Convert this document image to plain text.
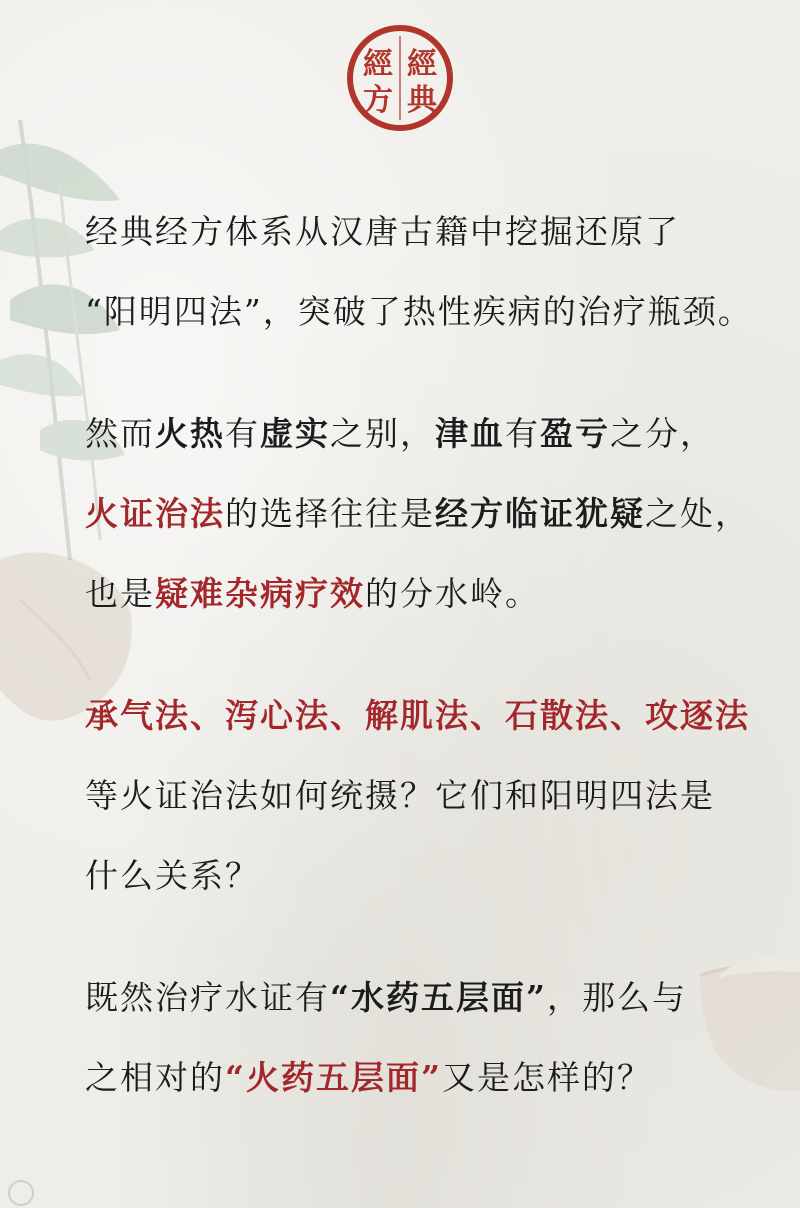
經
典
經
方
经典经方体系从汉唐古籍中挖掘还原了
“阳明四法”，突破了热性疾病的治疗瓶颈。
然而火热有虚实之别，津血有盈亏之分，
火证治法的选择往往是经方临证犹疑之处，
也是疑难杂病疗效的分水岭。
承气法、泻心法、解肌法、石散法、攻逐法
等火证治法如何统摄？它们和阳明四法是
什么关系？
既然治疗水证有“水药五层面”，那么与
之相对的“火药五层面”又是怎样的？
